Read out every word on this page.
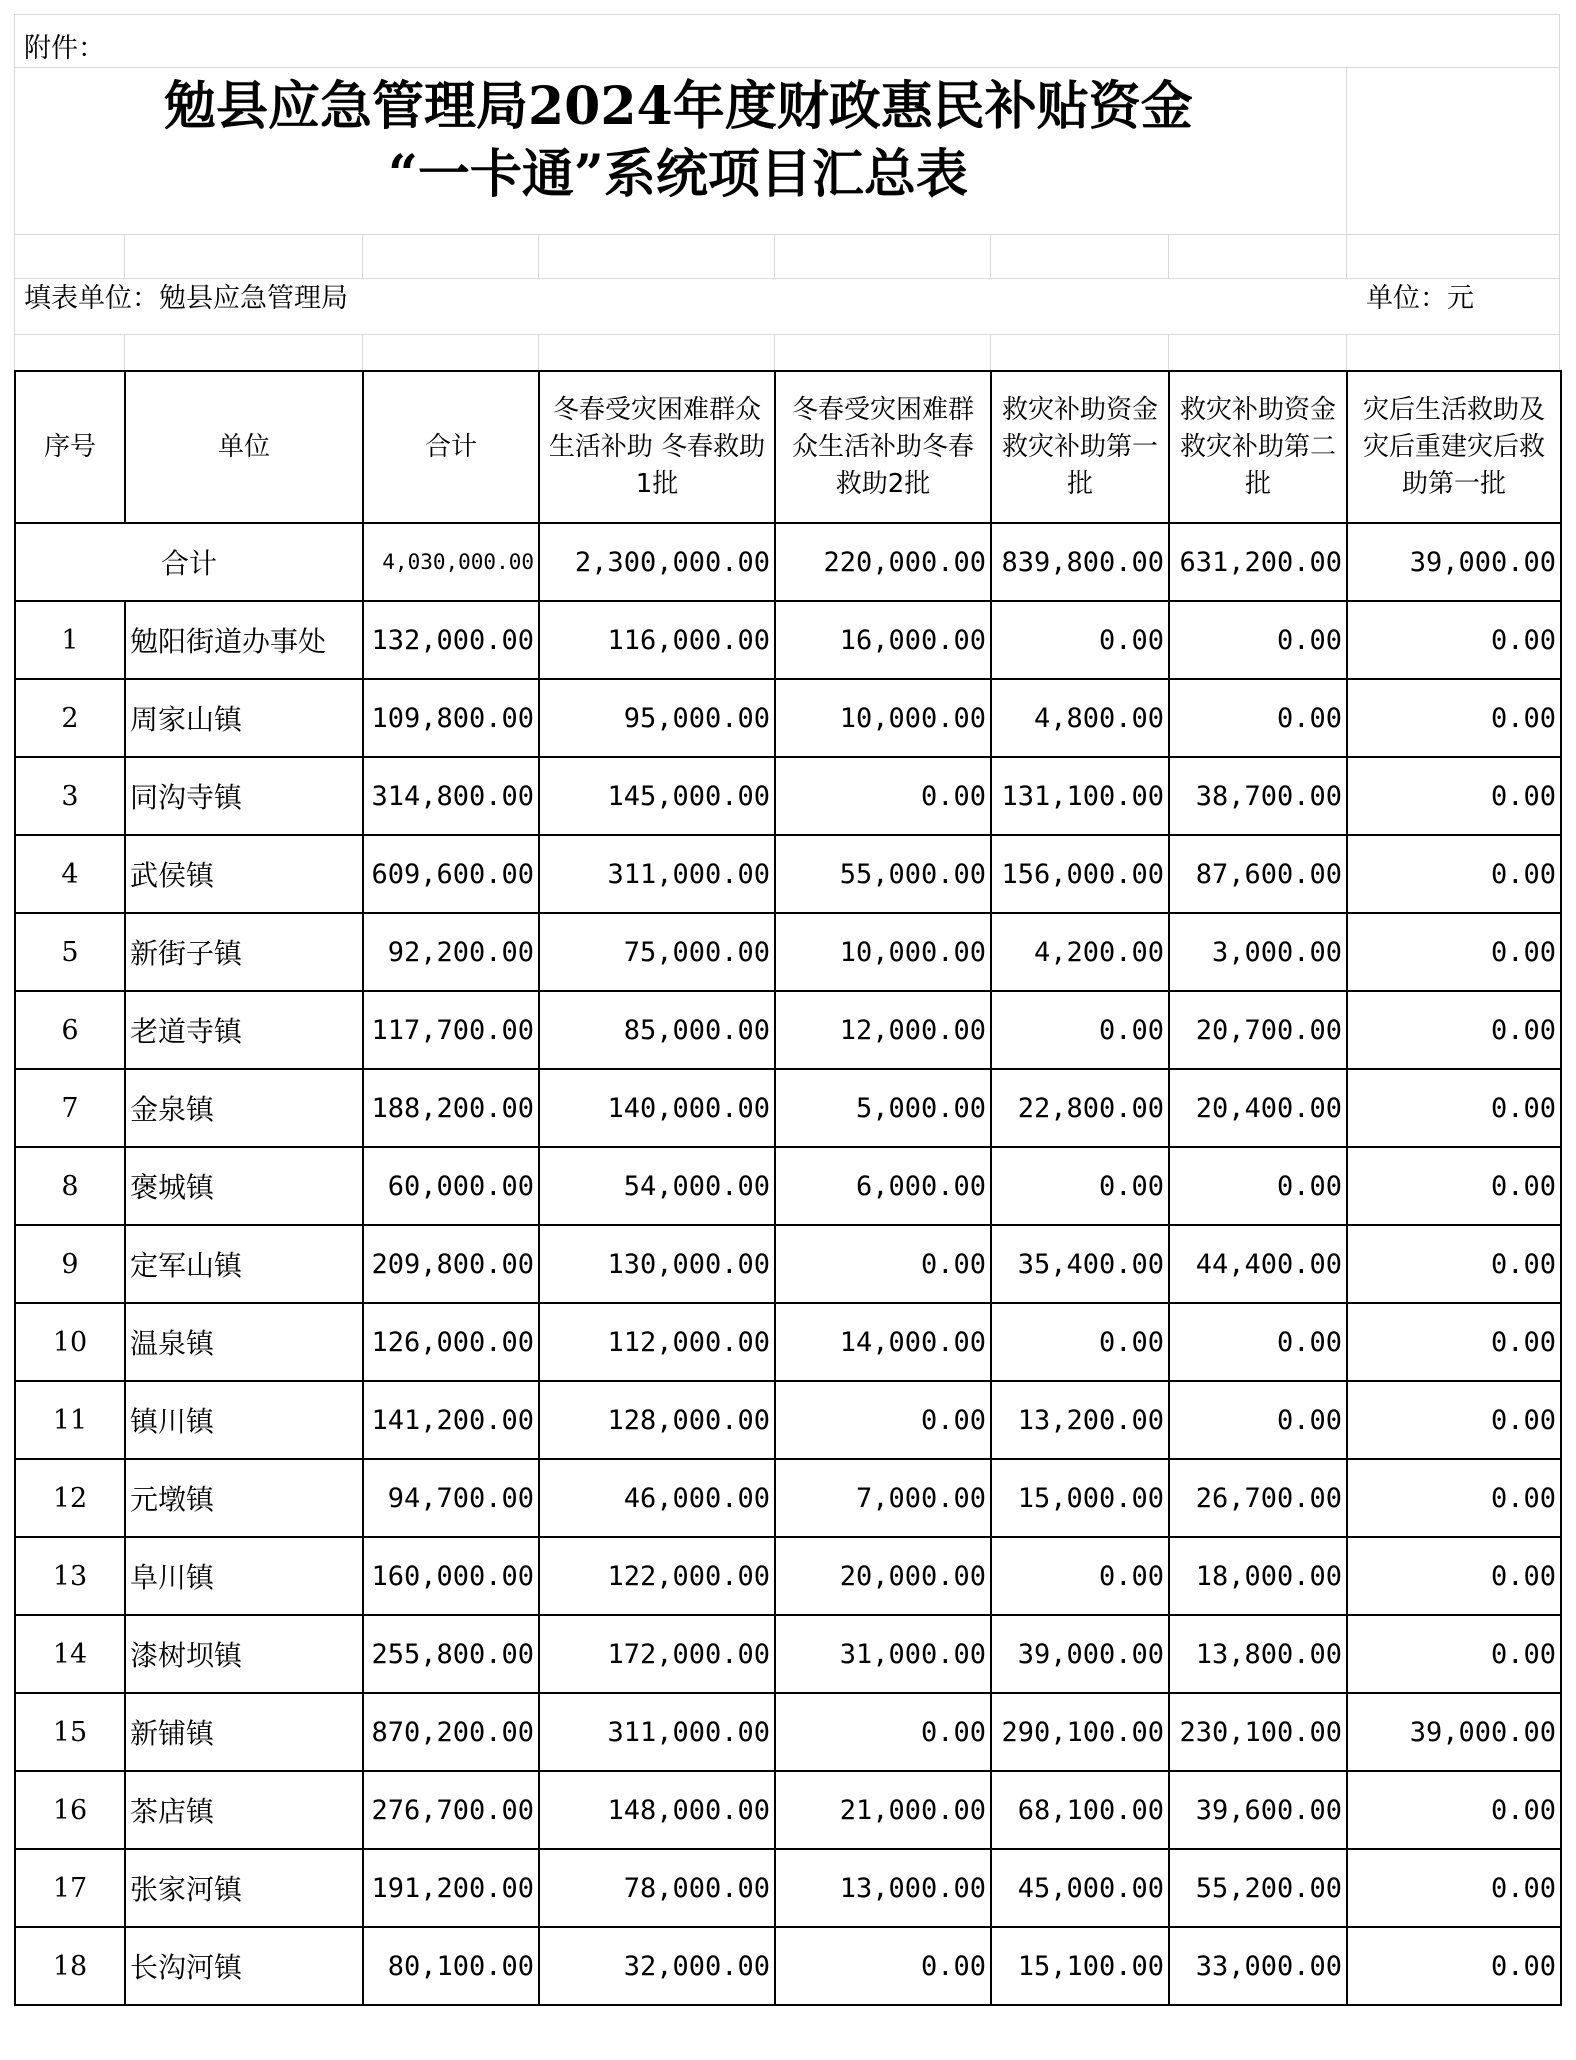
附件：
勉县应急管理局2024年度财政惠民补贴资金
“一卡通”系统项目汇总表
填表单位：勉县应急管理局	单位：元
序号	单位	合计	冬春受灾困难群众生活补助 冬春救助1批	冬春受灾困难群众生活补助冬春救助2批	救灾补助资金 救灾补助第一批	救灾补助资金 救灾补助第二批	灾后生活救助及灾后重建灾后救助第一批
合计		4,030,000.00	2,300,000.00	220,000.00	839,800.00	631,200.00	39,000.00
1	勉阳街道办事处	132,000.00	116,000.00	16,000.00	0.00	0.00	0.00
2	周家山镇	109,800.00	95,000.00	10,000.00	4,800.00	0.00	0.00
3	同沟寺镇	314,800.00	145,000.00	0.00	131,100.00	38,700.00	0.00
4	武侯镇	609,600.00	311,000.00	55,000.00	156,000.00	87,600.00	0.00
5	新街子镇	92,200.00	75,000.00	10,000.00	4,200.00	3,000.00	0.00
6	老道寺镇	117,700.00	85,000.00	12,000.00	0.00	20,700.00	0.00
7	金泉镇	188,200.00	140,000.00	5,000.00	22,800.00	20,400.00	0.00
8	褒城镇	60,000.00	54,000.00	6,000.00	0.00	0.00	0.00
9	定军山镇	209,800.00	130,000.00	0.00	35,400.00	44,400.00	0.00
10	温泉镇	126,000.00	112,000.00	14,000.00	0.00	0.00	0.00
11	镇川镇	141,200.00	128,000.00	0.00	13,200.00	0.00	0.00
12	元墩镇	94,700.00	46,000.00	7,000.00	15,000.00	26,700.00	0.00
13	阜川镇	160,000.00	122,000.00	20,000.00	0.00	18,000.00	0.00
14	漆树坝镇	255,800.00	172,000.00	31,000.00	39,000.00	13,800.00	0.00
15	新铺镇	870,200.00	311,000.00	0.00	290,100.00	230,100.00	39,000.00
16	茶店镇	276,700.00	148,000.00	21,000.00	68,100.00	39,600.00	0.00
17	张家河镇	191,200.00	78,000.00	13,000.00	45,000.00	55,200.00	0.00
18	长沟河镇	80,100.00	32,000.00	0.00	15,100.00	33,000.00	0.00
